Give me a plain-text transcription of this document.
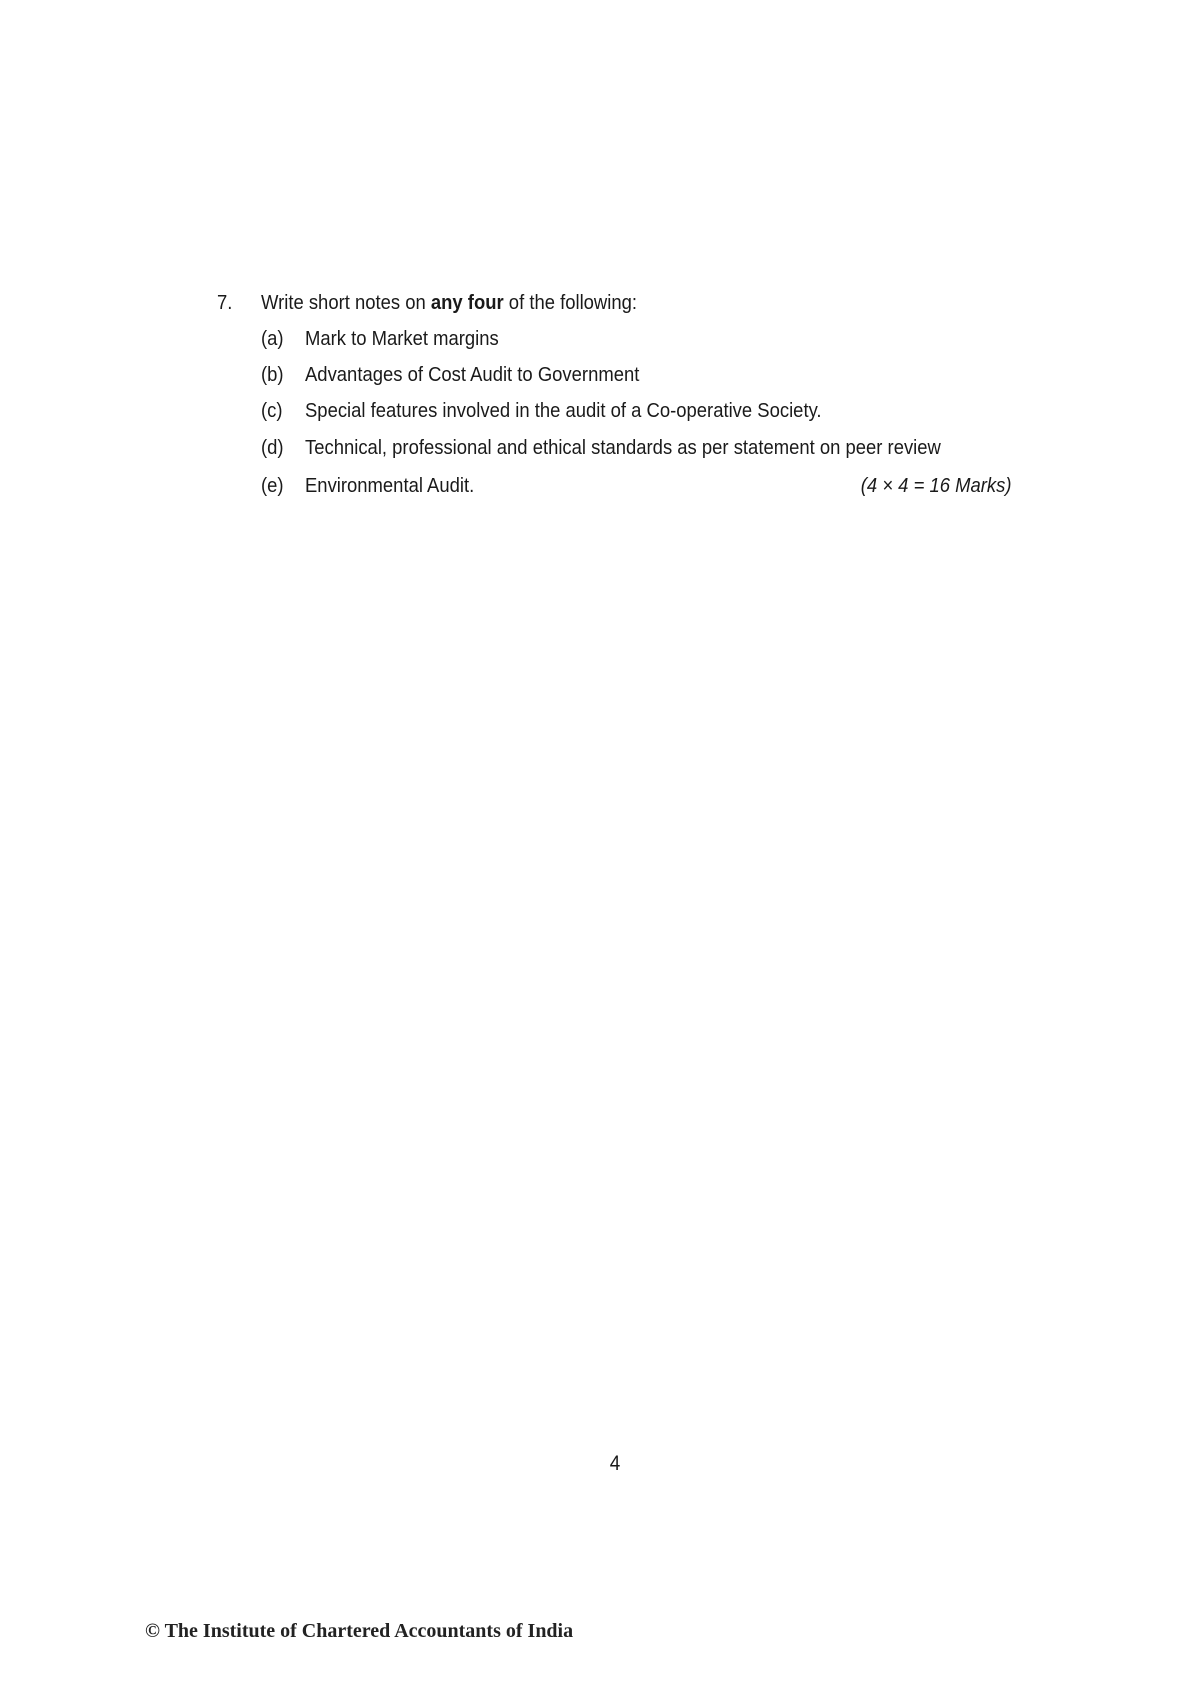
7. Write short notes on any four of the following:
(a) Mark to Market margins
(b) Advantages of Cost Audit to Government
(c) Special features involved in the audit of a Co-operative Society.
(d) Technical, professional and ethical standards as per statement on peer review
(e) Environmental Audit.	(4 × 4 = 16 Marks)
4
© The Institute of Chartered Accountants of India
